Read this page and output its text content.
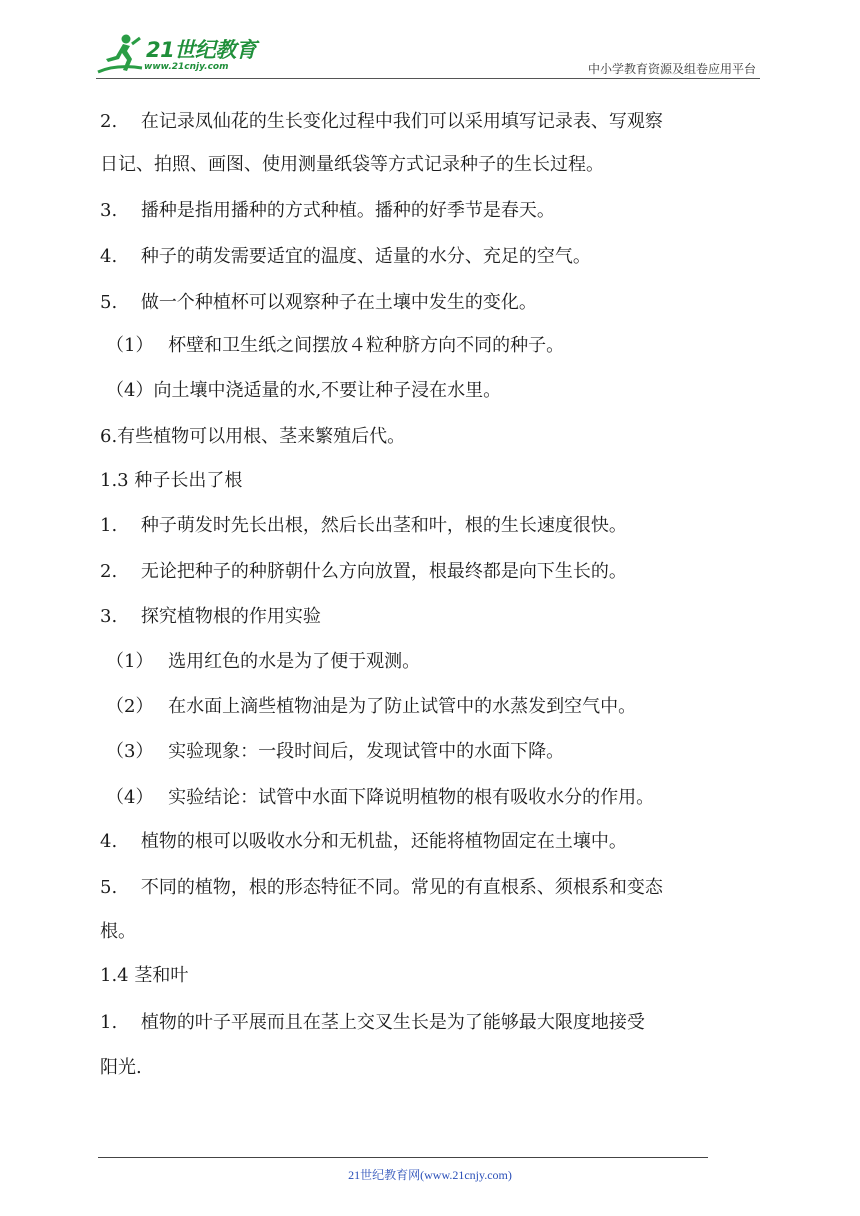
21世纪教育
www.21cnjy.com	中小学教育资源及组卷应用平台
2.　 在记录凤仙花的生长变化过程中我们可以采用填写记录表、写观察
日记、拍照、画图、使用测量纸袋等方式记录种子的生长过程。
3.　 播种是指用播种的方式种植。播种的好季节是春天。
4.　 种子的萌发需要适宜的温度、适量的水分、充足的空气。
5.　 做一个种植杯可以观察种子在土壤中发生的变化。
（1）　 杯壁和卫生纸之间摆放４粒种脐方向不同的种子。
（4）向土壤中浇适量的水,不要让种子浸在水里。
6.有些植物可以用根、茎来繁殖后代。
1.3 种子长出了根
1.　 种子萌发时先长出根，然后长出茎和叶，根的生长速度很快。
2.　 无论把种子的种脐朝什么方向放置，根最终都是向下生长的。
3.　 探究植物根的作用实验
（1）　 选用红色的水是为了便于观测。
（2）　 在水面上滴些植物油是为了防止试管中的水蒸发到空气中。
（3）　 实验现象：一段时间后，发现试管中的水面下降。
（4）　 实验结论：试管中水面下降说明植物的根有吸收水分的作用。
4.　 植物的根可以吸收水分和无机盐，还能将植物固定在土壤中。
5.　 不同的植物，根的形态特征不同。常见的有直根系、须根系和变态
根。
1.4 茎和叶
1.　 植物的叶子平展而且在茎上交叉生长是为了能够最大限度地接受
阳光.
21世纪教育网(www.21cnjy.com)
